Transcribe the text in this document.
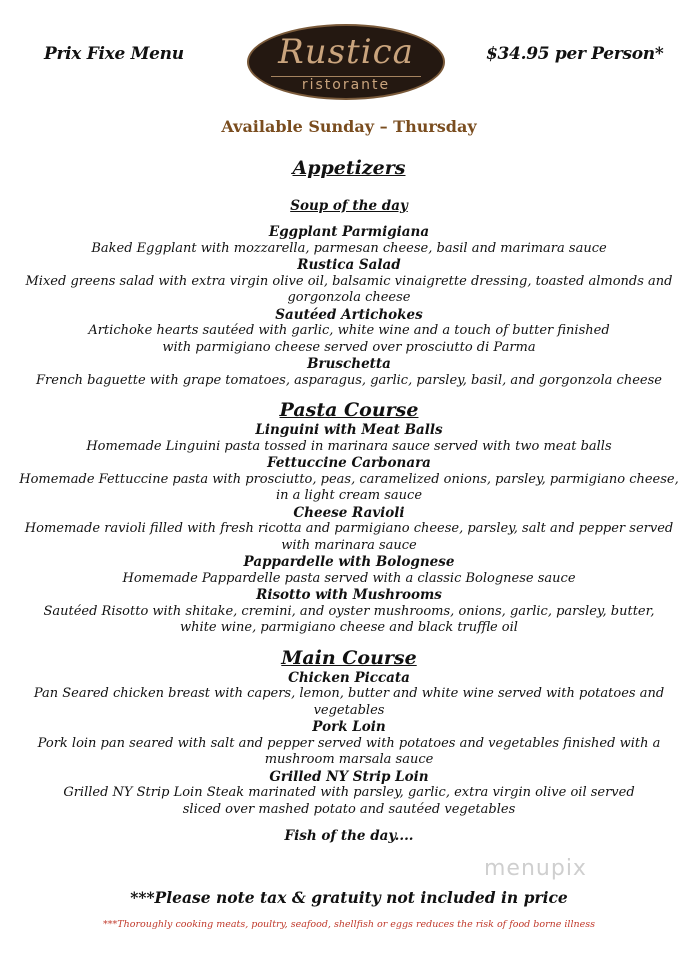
Prix Fixe Menu	Rustica
ristorante
$34.95 per Person*
Available Sunday – Thursday
Appetizers
Soup of the day
Eggplant Parmigiana
Baked Eggplant with mozzarella, parmesan cheese, basil and marimara sauce
Rustica Salad
Mixed greens salad with extra virgin olive oil, balsamic vinaigrette dressing, toasted almonds and
gorgonzola cheese
Sautéed Artichokes
Artichoke hearts sautéed with garlic, white wine and a touch of butter finished
with parmigiano cheese served over prosciutto di Parma
Bruschetta
French baguette with grape tomatoes, asparagus, garlic, parsley, basil, and gorgonzola cheese
Pasta Course
Linguini with Meat Balls
Homemade Linguini pasta tossed in marinara sauce served with two meat balls
Fettuccine Carbonara
Homemade Fettuccine pasta with prosciutto, peas, caramelized onions, parsley, parmigiano cheese,
in a light cream sauce
Cheese Ravioli
Homemade ravioli filled with fresh ricotta and parmigiano cheese, parsley, salt and pepper served
with marinara sauce
Pappardelle with Bolognese
Homemade Pappardelle pasta served with a classic Bolognese sauce
Risotto with Mushrooms
Sautéed Risotto with shitake, cremini, and oyster mushrooms, onions, garlic, parsley, butter,
white wine, parmigiano cheese and black truffle oil
Main Course
Chicken Piccata
Pan Seared chicken breast with capers, lemon, butter and white wine served with potatoes and
vegetables
Pork Loin
Pork loin pan seared with salt and pepper served with potatoes and vegetables finished with a
mushroom marsala sauce
Grilled NY Strip Loin
Grilled NY Strip Loin Steak marinated with parsley, garlic, extra virgin olive oil served
sliced over mashed potato and sautéed vegetables
Fish of the day....
menupix
***Please note tax & gratuity not included in price
***Thoroughly cooking meats, poultry, seafood, shellfish or eggs reduces the risk of food borne illness
